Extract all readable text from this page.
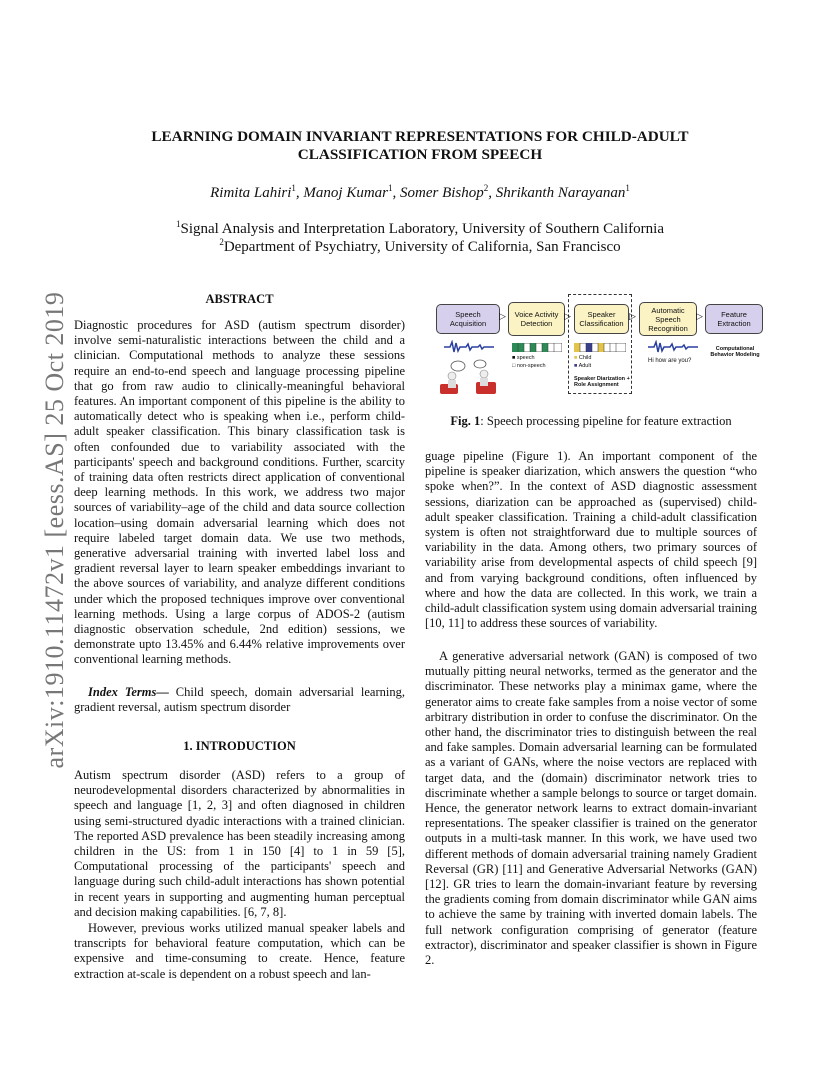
arXiv:1910.11472v1 [eess.AS] 25 Oct 2019
LEARNING DOMAIN INVARIANT REPRESENTATIONS FOR CHILD-ADULT
CLASSIFICATION FROM SPEECH
Rimita Lahiri$^1$, Manoj Kumar$^1$, Somer Bishop$^2$, Shrikanth Narayanan$^1$
$^1$Signal Analysis and Interpretation Laboratory, University of Southern California
$^2$Department of Psychiatry, University of California, San Francisco
ABSTRACT

Diagnostic procedures for ASD (autism spectrum disorder) involve semi-naturalistic interactions between the child and a clinician. Computational methods to analyze these sessions require an end-to-end speech and language processing pipeline that go from raw audio to clinically-meaningful behavioral features. An important component of this pipeline is the ability to automatically detect who is speaking when i.e., perform child-adult speaker classification. This binary classification task is often confounded due to variability associated with the participants' speech and background conditions. Further, scarcity of training data often restricts direct application of conventional deep learning methods. In this work, we address two major sources of variability–age of the child and data source collection location–using domain adversarial learning which does not require labeled target domain data. We use two methods, generative adversarial training with inverted label loss and gradient reversal layer to learn speaker embeddings invariant to the above sources of variability, and analyze different conditions under which the proposed techniques improve over conventional learning methods. Using a large corpus of ADOS-2 (autism diagnostic observation schedule, 2nd edition) sessions, we demonstrate upto 13.45% and 6.44% relative improvements over conventional learning methods.

Index Terms— Child speech, domain adversarial learning, gradient reversal, autism spectrum disorder

1. INTRODUCTION

Autism spectrum disorder (ASD) refers to a group of neurodevelopmental disorders characterized by abnormalities in speech and language [1, 2, 3] and often diagnosed in children using semi-structured dyadic interactions with a trained clinician. The reported ASD prevalence has been steadily increasing among children in the US: from 1 in 150 [4] to 1 in 59 [5], Computational processing of the participants' speech and language during such child-adult interactions has shown potential in recent years in supporting and augmenting human perceptual and decision making capabilities. [6, 7, 8].

However, previous works utilized manual speaker labels and transcripts for behavioral feature computation, which can be expensive and time-consuming to create. Hence, feature extraction at-scale is dependent on a robust speech and lan-

Speech Acquisition
▷	Voice Activity Detection
▷	Speaker Classification
▷
Automatic Speech Recognition
▷	Feature Extraction
■ speech
□ non-speech
■ Child
■ Adult
Speaker Diarization + Role Assignment
Hi how are you?
Computational Behavior Modeling
Fig. 1: Speech processing pipeline for feature extraction

guage pipeline (Figure 1). An important component of the pipeline is speaker diarization, which answers the question “who spoke when?”. In the context of ASD diagnostic assessment sessions, diarization can be approached as (supervised) child-adult speaker classification. Training a child-adult classification system is often not straightforward due to multiple sources of variability in the data. Among others, two primary sources of variability arise from developmental aspects of child speech [9] and from varying background conditions, often influenced by where and how the data are collected. In this work, we train a child-adult classification system using domain adversarial training [10, 11] to address these sources of variability.

A generative adversarial network (GAN) is composed of two mutually pitting neural networks, termed as the generator and the discriminator. These networks play a minimax game, where the generator aims to create fake samples from a noise vector of some arbitrary distribution in order to confuse the discriminator. On the other hand, the discriminator tries to distinguish between the real and fake samples. Domain adversarial learning can be formulated as a variant of GANs, where the noise vectors are replaced with target data, and the (domain) discriminator network tries to discriminate whether a sample belongs to source or target domain. Hence, the generator network learns to extract domain-invariant representations. The speaker classifier is trained on the generator outputs in a multi-task manner. In this work, we have used two different methods of domain adversarial training namely Gradient Reversal (GR) [11] and Generative Adversarial Networks (GAN) [12]. GR tries to learn the domain-invariant feature by reversing the gradients coming from domain discriminator while GAN aims to achieve the same by training with inverted domain labels. The full network configuration comprising of generator (feature extractor), discriminator and speaker classifier is shown in Figure 2.
